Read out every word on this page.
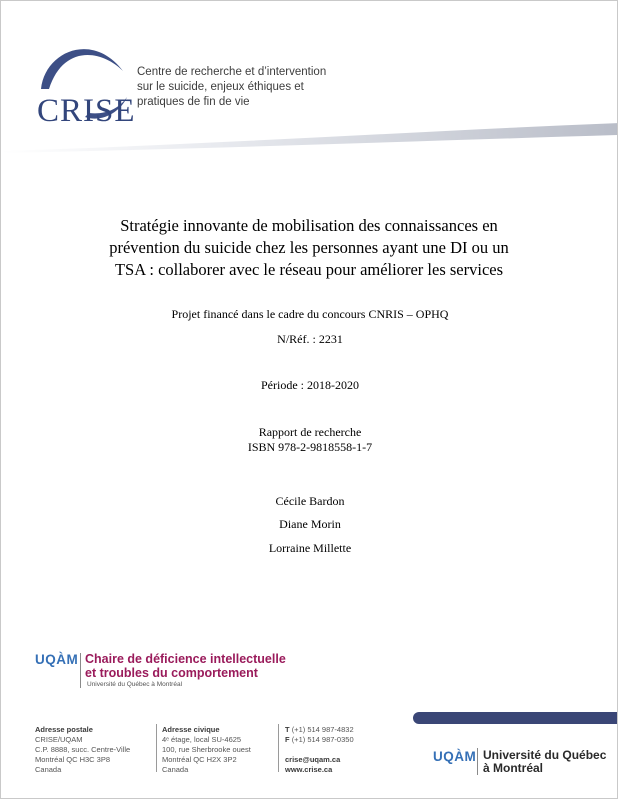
CRISE
Centre de recherche et d’intervention
sur le suicide, enjeux éthiques et
pratiques de fin de vie
Stratégie innovante de mobilisation des connaissances en
prévention du suicide chez les personnes ayant une DI ou un
TSA : collaborer avec le réseau pour améliorer les services
Projet financé dans le cadre du concours CNRIS – OPHQ
N/Réf. : 2231
Période : 2018-2020
Rapport de recherche
ISBN 978-2-9818558-1-7
Cécile Bardon
Diane Morin
Lorraine Millette
UQÀM Chaire de déficience intellectuelle
et troubles du comportement
Université du Québec à Montréal
Adresse postale
CRISE/UQAM
C.P. 8888, succ. Centre-Ville
Montréal QC H3C 3P8
Canada
Adresse civique
4ᵉ étage, local SU-4625
100, rue Sherbrooke ouest
Montréal QC H2X 3P2
Canada
T (+1) 514 987-4832
F (+1) 514 987-0350
crise@uqam.ca
www.crise.ca
UQÀM Université du Québec
à Montréal
